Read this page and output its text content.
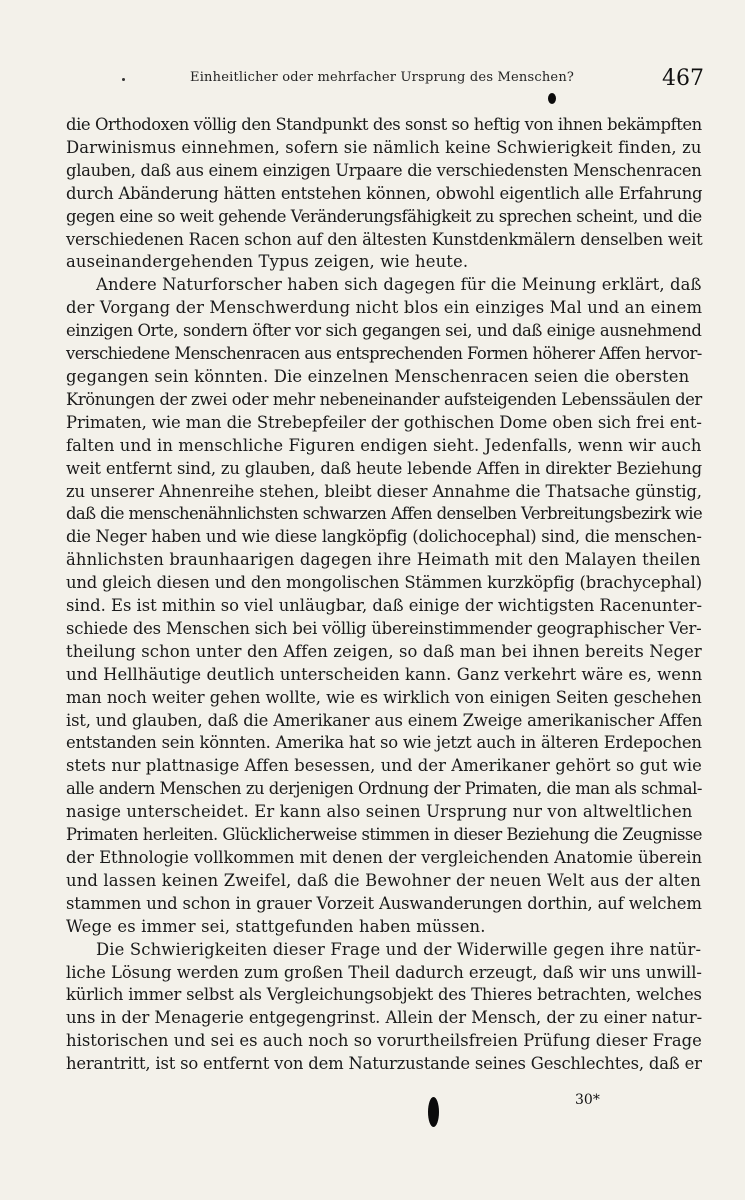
Einheitlicher oder mehrfacher Ursprung des Menschen?	467
die Orthodoxen völlig den Standpunkt des sonst so heftig von ihnen bekämpften
Darwinismus einnehmen, sofern sie nämlich keine Schwierigkeit finden, zu
glauben, daß aus einem einzigen Urpaare die verschiedensten Menschenracen
durch Abänderung hätten entstehen können, obwohl eigentlich alle Erfahrung
gegen eine so weit gehende Veränderungsfähigkeit zu sprechen scheint, und die
verschiedenen Racen schon auf den ältesten Kunstdenkmälern denselben weit
auseinandergehenden Typus zeigen, wie heute.
Andere Naturforscher haben sich dagegen für die Meinung erklärt, daß
der Vorgang der Menschwerdung nicht blos ein einziges Mal und an einem
einzigen Orte, sondern öfter vor sich gegangen sei, und daß einige ausnehmend
verschiedene Menschenracen aus entsprechenden Formen höherer Affen hervor-
gegangen sein könnten. Die einzelnen Menschenracen seien die obersten
Krönungen der zwei oder mehr nebeneinander aufsteigenden Lebenssäulen der
Primaten, wie man die Strebepfeiler der gothischen Dome oben sich frei ent-
falten und in menschliche Figuren endigen sieht. Jedenfalls, wenn wir auch
weit entfernt sind, zu glauben, daß heute lebende Affen in direkter Beziehung
zu unserer Ahnenreihe stehen, bleibt dieser Annahme die Thatsache günstig,
daß die menschenähnlichsten schwarzen Affen denselben Verbreitungsbezirk wie
die Neger haben und wie diese langköpfig (dolichocephal) sind, die menschen-
ähnlichsten braunhaarigen dagegen ihre Heimath mit den Malayen theilen
und gleich diesen und den mongolischen Stämmen kurzköpfig (brachycephal)
sind. Es ist mithin so viel unläugbar, daß einige der wichtigsten Racenunter-
schiede des Menschen sich bei völlig übereinstimmender geographischer Ver-
theilung schon unter den Affen zeigen, so daß man bei ihnen bereits Neger
und Hellhäutige deutlich unterscheiden kann. Ganz verkehrt wäre es, wenn
man noch weiter gehen wollte, wie es wirklich von einigen Seiten geschehen
ist, und glauben, daß die Amerikaner aus einem Zweige amerikanischer Affen
entstanden sein könnten. Amerika hat so wie jetzt auch in älteren Erdepochen
stets nur plattnasige Affen besessen, und der Amerikaner gehört so gut wie
alle andern Menschen zu derjenigen Ordnung der Primaten, die man als schmal-
nasige unterscheidet. Er kann also seinen Ursprung nur von altweltlichen
Primaten herleiten. Glücklicherweise stimmen in dieser Beziehung die Zeugnisse
der Ethnologie vollkommen mit denen der vergleichenden Anatomie überein
und lassen keinen Zweifel, daß die Bewohner der neuen Welt aus der alten
stammen und schon in grauer Vorzeit Auswanderungen dorthin, auf welchem
Wege es immer sei, stattgefunden haben müssen.
Die Schwierigkeiten dieser Frage und der Widerwille gegen ihre natür-
liche Lösung werden zum großen Theil dadurch erzeugt, daß wir uns unwill-
kürlich immer selbst als Vergleichungsobjekt des Thieres betrachten, welches
uns in der Menagerie entgegengrinst. Allein der Mensch, der zu einer natur-
historischen und sei es auch noch so vorurtheilsfreien Prüfung dieser Frage
herantritt, ist so entfernt von dem Naturzustande seines Geschlechtes, daß er
30*
